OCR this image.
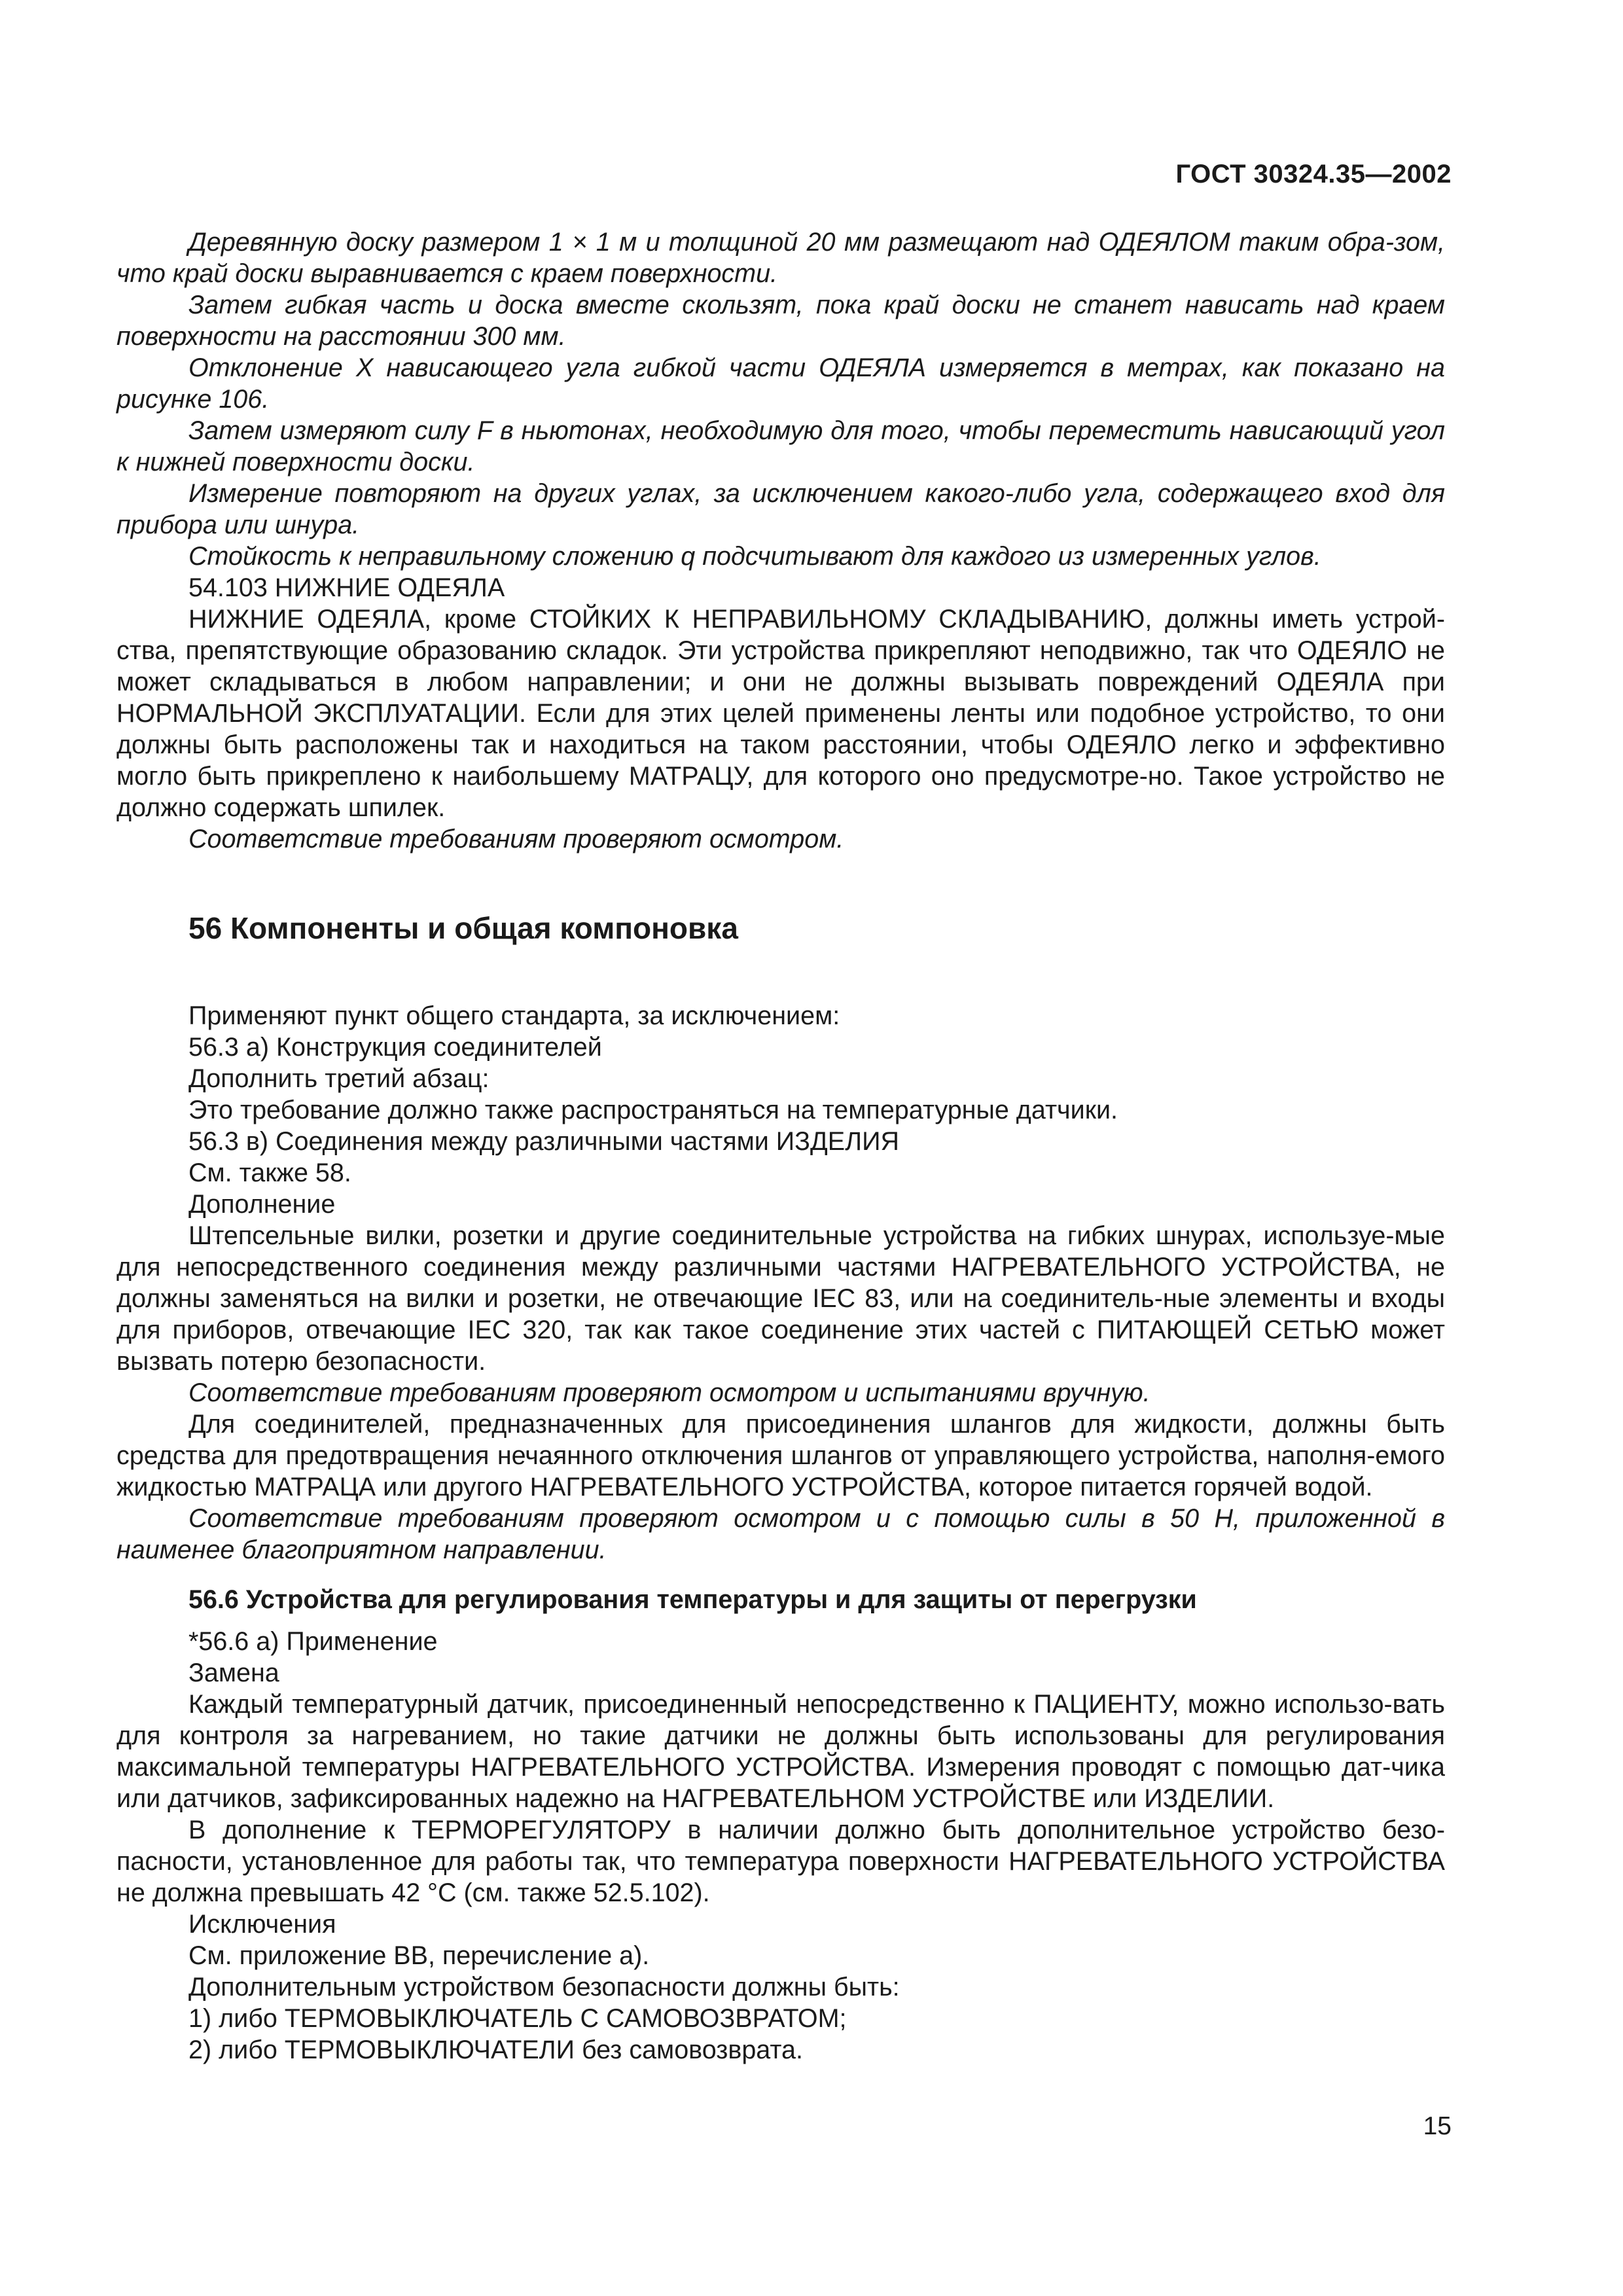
ГОСТ 30324.35—2002

Деревянную доску размером 1 × 1 м и толщиной 20 мм размещают над ОДЕЯЛОМ таким обра-зом, что край доски выравнивается с краем поверхности.

Затем гибкая часть и доска вместе скользят, пока край доски не станет нависать над краем поверхности на расстоянии 300 мм.

Отклонение X нависающего угла гибкой части ОДЕЯЛА измеряется в метрах, как показано на рисунке 106.

Затем измеряют силу F в ньютонах, необходимую для того, чтобы переместить нависающий угол к нижней поверхности доски.

Измерение повторяют на других углах, за исключением какого-либо угла, содержащего вход для прибора или шнура.

Стойкость к неправильному сложению q подсчитывают для каждого из измеренных углов.

54.103 НИЖНИЕ ОДЕЯЛА

НИЖНИЕ ОДЕЯЛА, кроме СТОЙКИХ К НЕПРАВИЛЬНОМУ СКЛАДЫВАНИЮ, должны иметь устрой-ства, препятствующие образованию складок. Эти устройства прикрепляют неподвижно, так что ОДЕЯЛО не может складываться в любом направлении; и они не должны вызывать повреждений ОДЕЯЛА при НОРМАЛЬНОЙ ЭКСПЛУАТАЦИИ. Если для этих целей применены ленты или подобное устройство, то они должны быть расположены так и находиться на таком расстоянии, чтобы ОДЕЯЛО легко и эффективно могло быть прикреплено к наибольшему МАТРАЦУ, для которого оно предусмотре-но. Такое устройство не должно содержать шпилек.

Соответствие требованиям проверяют осмотром.

56 Компоненты и общая компоновка

Применяют пункт общего стандарта, за исключением:

56.3 а) Конструкция соединителей

Дополнить третий абзац:

Это требование должно также распространяться на температурные датчики.

56.3 в) Соединения между различными частями ИЗДЕЛИЯ

См. также 58.

Дополнение

Штепсельные вилки, розетки и другие соединительные устройства на гибких шнурах, используе-мые для непосредственного соединения между различными частями НАГРЕВАТЕЛЬНОГО УСТРОЙСТВА, не должны заменяться на вилки и розетки, не отвечающие IEC 83, или на соединитель-ные элементы и входы для приборов, отвечающие IEC 320, так как такое соединение этих частей с ПИТАЮЩЕЙ СЕТЬЮ может вызвать потерю безопасности.

Соответствие требованиям проверяют осмотром и испытаниями вручную.

Для соединителей, предназначенных для присоединения шлангов для жидкости, должны быть средства для предотвращения нечаянного отключения шлангов от управляющего устройства, наполня-емого жидкостью МАТРАЦА или другого НАГРЕВАТЕЛЬНОГО УСТРОЙСТВА, которое питается горячей водой.

Соответствие требованиям проверяют осмотром и с помощью силы в 50 Н, приложенной в наименее благоприятном направлении.

56.6 Устройства для регулирования температуры и для защиты от перегрузки

*56.6 а) Применение

Замена

Каждый температурный датчик, присоединенный непосредственно к ПАЦИЕНТУ, можно использо-вать для контроля за нагреванием, но такие датчики не должны быть использованы для регулирования максимальной температуры НАГРЕВАТЕЛЬНОГО УСТРОЙСТВА. Измерения проводят с помощью дат-чика или датчиков, зафиксированных надежно на НАГРЕВАТЕЛЬНОМ УСТРОЙСТВЕ или ИЗДЕЛИИ.

В дополнение к ТЕРМОРЕГУЛЯТОРУ в наличии должно быть дополнительное устройство безо-пасности, установленное для работы так, что температура поверхности НАГРЕВАТЕЛЬНОГО УСТРОЙСТВА не должна превышать 42 °С (см. также 52.5.102).

Исключения

См. приложение ВВ, перечисление а).

Дополнительным устройством безопасности должны быть:

1) либо ТЕРМОВЫКЛЮЧАТЕЛЬ С САМОВОЗВРАТОМ;

2) либо ТЕРМОВЫКЛЮЧАТЕЛИ без самовозврата.

15
